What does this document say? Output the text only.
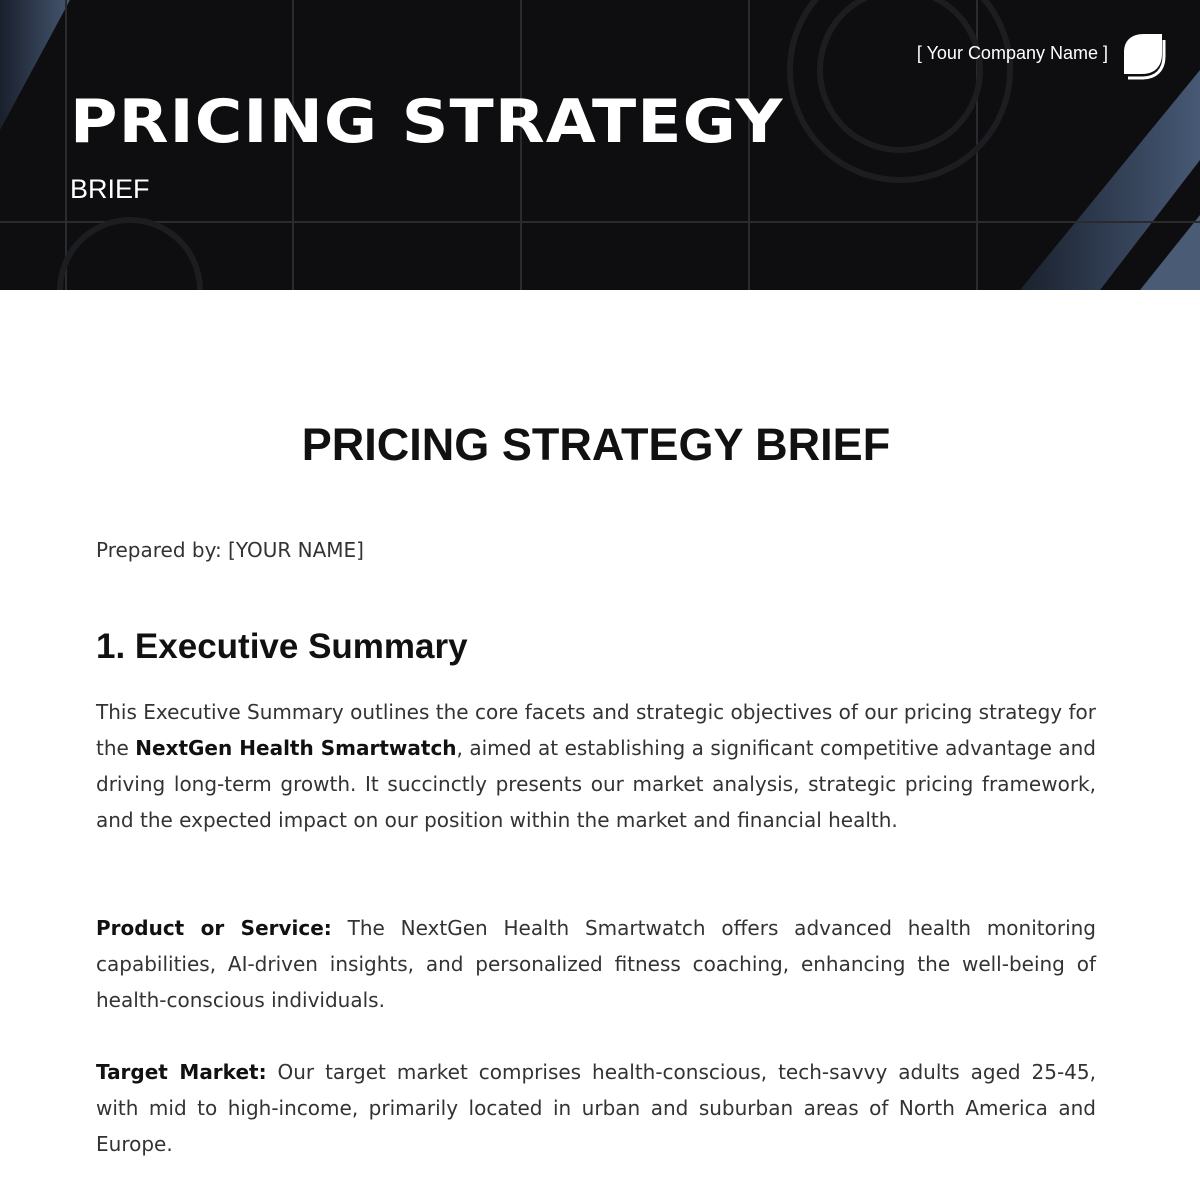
PRICING STRATEGY
BRIEF
[ Your Company Name ]
PRICING STRATEGY BRIEF
Prepared by: [YOUR NAME]
1. Executive Summary

This Executive Summary outlines the core facets and strategic objectives of our pricing strategy for the NextGen Health Smartwatch, aimed at establishing a significant competitive advantage and driving long-term growth. It succinctly presents our market analysis, strategic pricing framework, and the expected impact on our position within the market and financial health.

Product or Service: The NextGen Health Smartwatch offers advanced health monitoring capabilities, AI-driven insights, and personalized fitness coaching, enhancing the well-being of health-conscious individuals.

Target Market: Our target market comprises health-conscious, tech-savvy adults aged 25-45, with mid to high-income, primarily located in urban and suburban areas of North America and Europe.
